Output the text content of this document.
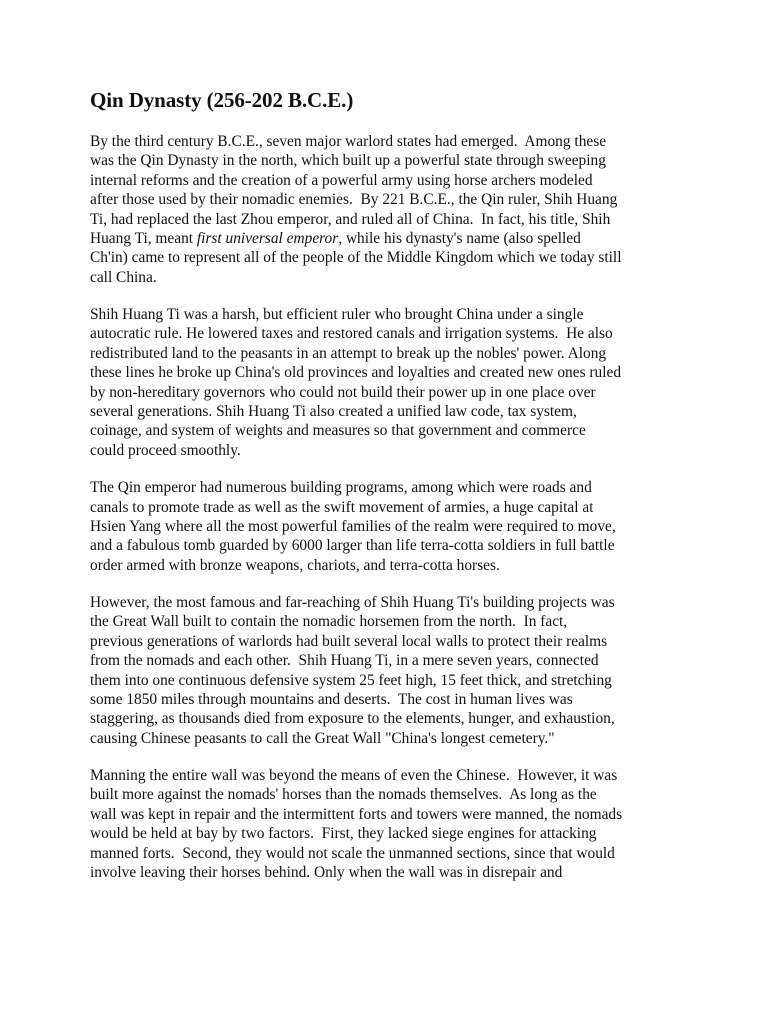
Qin Dynasty (256-202 B.C.E.)
By the third century B.C.E., seven major warlord states had emerged.  Among these
was the Qin Dynasty in the north, which built up a powerful state through sweeping
internal reforms and the creation of a powerful army using horse archers modeled
after those used by their nomadic enemies.  By 221 B.C.E., the Qin ruler, Shih Huang
Ti, had replaced the last Zhou emperor, and ruled all of China.  In fact, his title, Shih
Huang Ti, meant first universal emperor, while his dynasty's name (also spelled
Ch'in) came to represent all of the people of the Middle Kingdom which we today still
call China.
Shih Huang Ti was a harsh, but efficient ruler who brought China under a single
autocratic rule. He lowered taxes and restored canals and irrigation systems.  He also
redistributed land to the peasants in an attempt to break up the nobles' power. Along
these lines he broke up China's old provinces and loyalties and created new ones ruled
by non-hereditary governors who could not build their power up in one place over
several generations. Shih Huang Ti also created a unified law code, tax system,
coinage, and system of weights and measures so that government and commerce
could proceed smoothly.
The Qin emperor had numerous building programs, among which were roads and
canals to promote trade as well as the swift movement of armies, a huge capital at
Hsien Yang where all the most powerful families of the realm were required to move,
and a fabulous tomb guarded by 6000 larger than life terra-cotta soldiers in full battle
order armed with bronze weapons, chariots, and terra-cotta horses.
However, the most famous and far-reaching of Shih Huang Ti's building projects was
the Great Wall built to contain the nomadic horsemen from the north.  In fact,
previous generations of warlords had built several local walls to protect their realms
from the nomads and each other.  Shih Huang Ti, in a mere seven years, connected
them into one continuous defensive system 25 feet high, 15 feet thick, and stretching
some 1850 miles through mountains and deserts.  The cost in human lives was
staggering, as thousands died from exposure to the elements, hunger, and exhaustion,
causing Chinese peasants to call the Great Wall "China's longest cemetery."
Manning the entire wall was beyond the means of even the Chinese.  However, it was
built more against the nomads' horses than the nomads themselves.  As long as the
wall was kept in repair and the intermittent forts and towers were manned, the nomads
would be held at bay by two factors.  First, they lacked siege engines for attacking
manned forts.  Second, they would not scale the unmanned sections, since that would
involve leaving their horses behind. Only when the wall was in disrepair and
